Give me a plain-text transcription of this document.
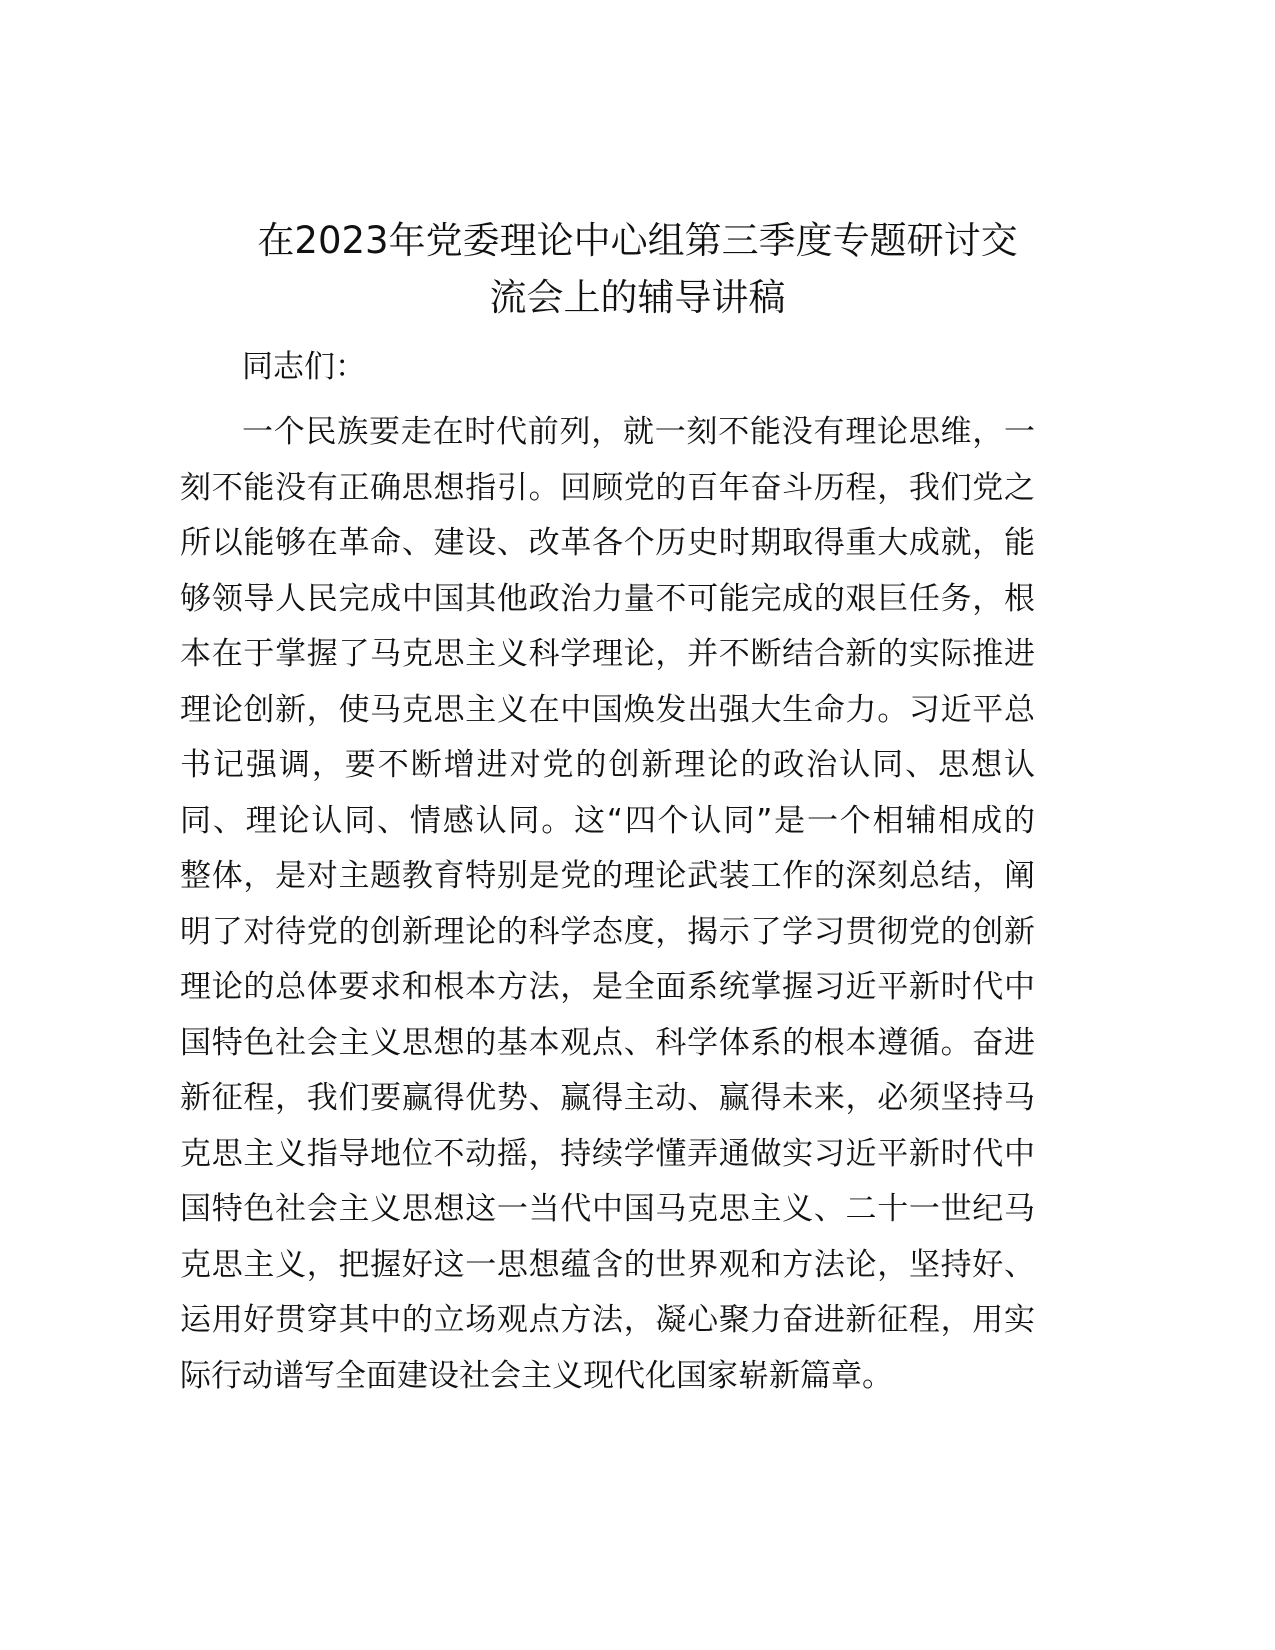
在2023年党委理论中心组第三季度专题研讨交
流会上的辅导讲稿
同志们：
一个民族要走在时代前列，就一刻不能没有理论思维，一
刻不能没有正确思想指引。回顾党的百年奋斗历程，我们党之
所以能够在革命、建设、改革各个历史时期取得重大成就，能
够领导人民完成中国其他政治力量不可能完成的艰巨任务，根
本在于掌握了马克思主义科学理论，并不断结合新的实际推进
理论创新，使马克思主义在中国焕发出强大生命力。习近平总
书记强调，要不断增进对党的创新理论的政治认同、思想认
同、理论认同、情感认同。这“四个认同”是一个相辅相成的
整体，是对主题教育特别是党的理论武装工作的深刻总结，阐
明了对待党的创新理论的科学态度，揭示了学习贯彻党的创新
理论的总体要求和根本方法，是全面系统掌握习近平新时代中
国特色社会主义思想的基本观点、科学体系的根本遵循。奋进
新征程，我们要赢得优势、赢得主动、赢得未来，必须坚持马
克思主义指导地位不动摇，持续学懂弄通做实习近平新时代中
国特色社会主义思想这一当代中国马克思主义、二十一世纪马
克思主义，把握好这一思想蕴含的世界观和方法论，坚持好、
运用好贯穿其中的立场观点方法，凝心聚力奋进新征程，用实
际行动谱写全面建设社会主义现代化国家崭新篇章。
